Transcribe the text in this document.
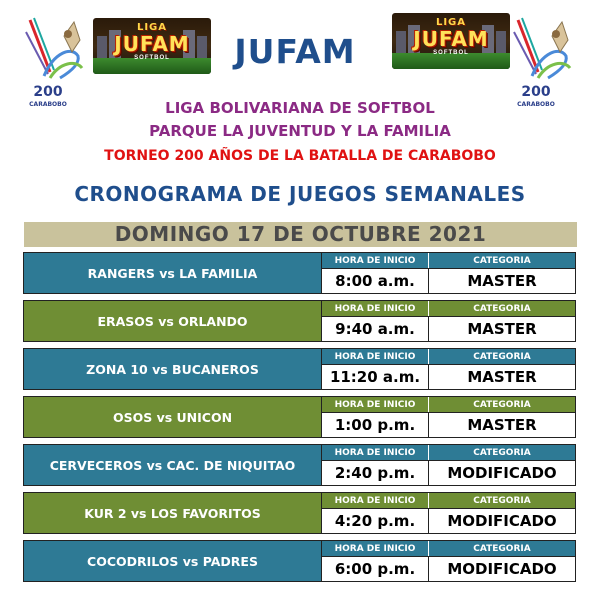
200
CARABOBO
LIGA
JUFAM
SOFTBOL	JUFAM
LIGA
JUFAM
SOFTBOL
200
CARABOBO
LIGA BOLIVARIANA DE SOFTBOL
PARQUE LA JUVENTUD Y LA FAMILIA
TORNEO 200 AÑOS DE LA BATALLA DE CARABOBO
CRONOGRAMA DE JUEGOS SEMANALES
DOMINGO 17 DE OCTUBRE 2021
RANGERS vs LA FAMILIA
HORA DE INICIO	CATEGORIA
8:00 a.m.	MASTER
ERASOS vs ORLANDO
HORA DE INICIO	CATEGORIA
9:40 a.m.	MASTER
ZONA 10 vs BUCANEROS
HORA DE INICIO	CATEGORIA
11:20 a.m.	MASTER
OSOS vs UNICON
HORA DE INICIO	CATEGORIA
1:00 p.m.	MASTER
CERVECEROS vs CAC. DE NIQUITAO
HORA DE INICIO	CATEGORIA
2:40 p.m.	MODIFICADO
KUR 2 vs LOS FAVORITOS
HORA DE INICIO	CATEGORIA
4:20 p.m.	MODIFICADO
COCODRILOS vs PADRES
HORA DE INICIO	CATEGORIA
6:00 p.m.	MODIFICADO
